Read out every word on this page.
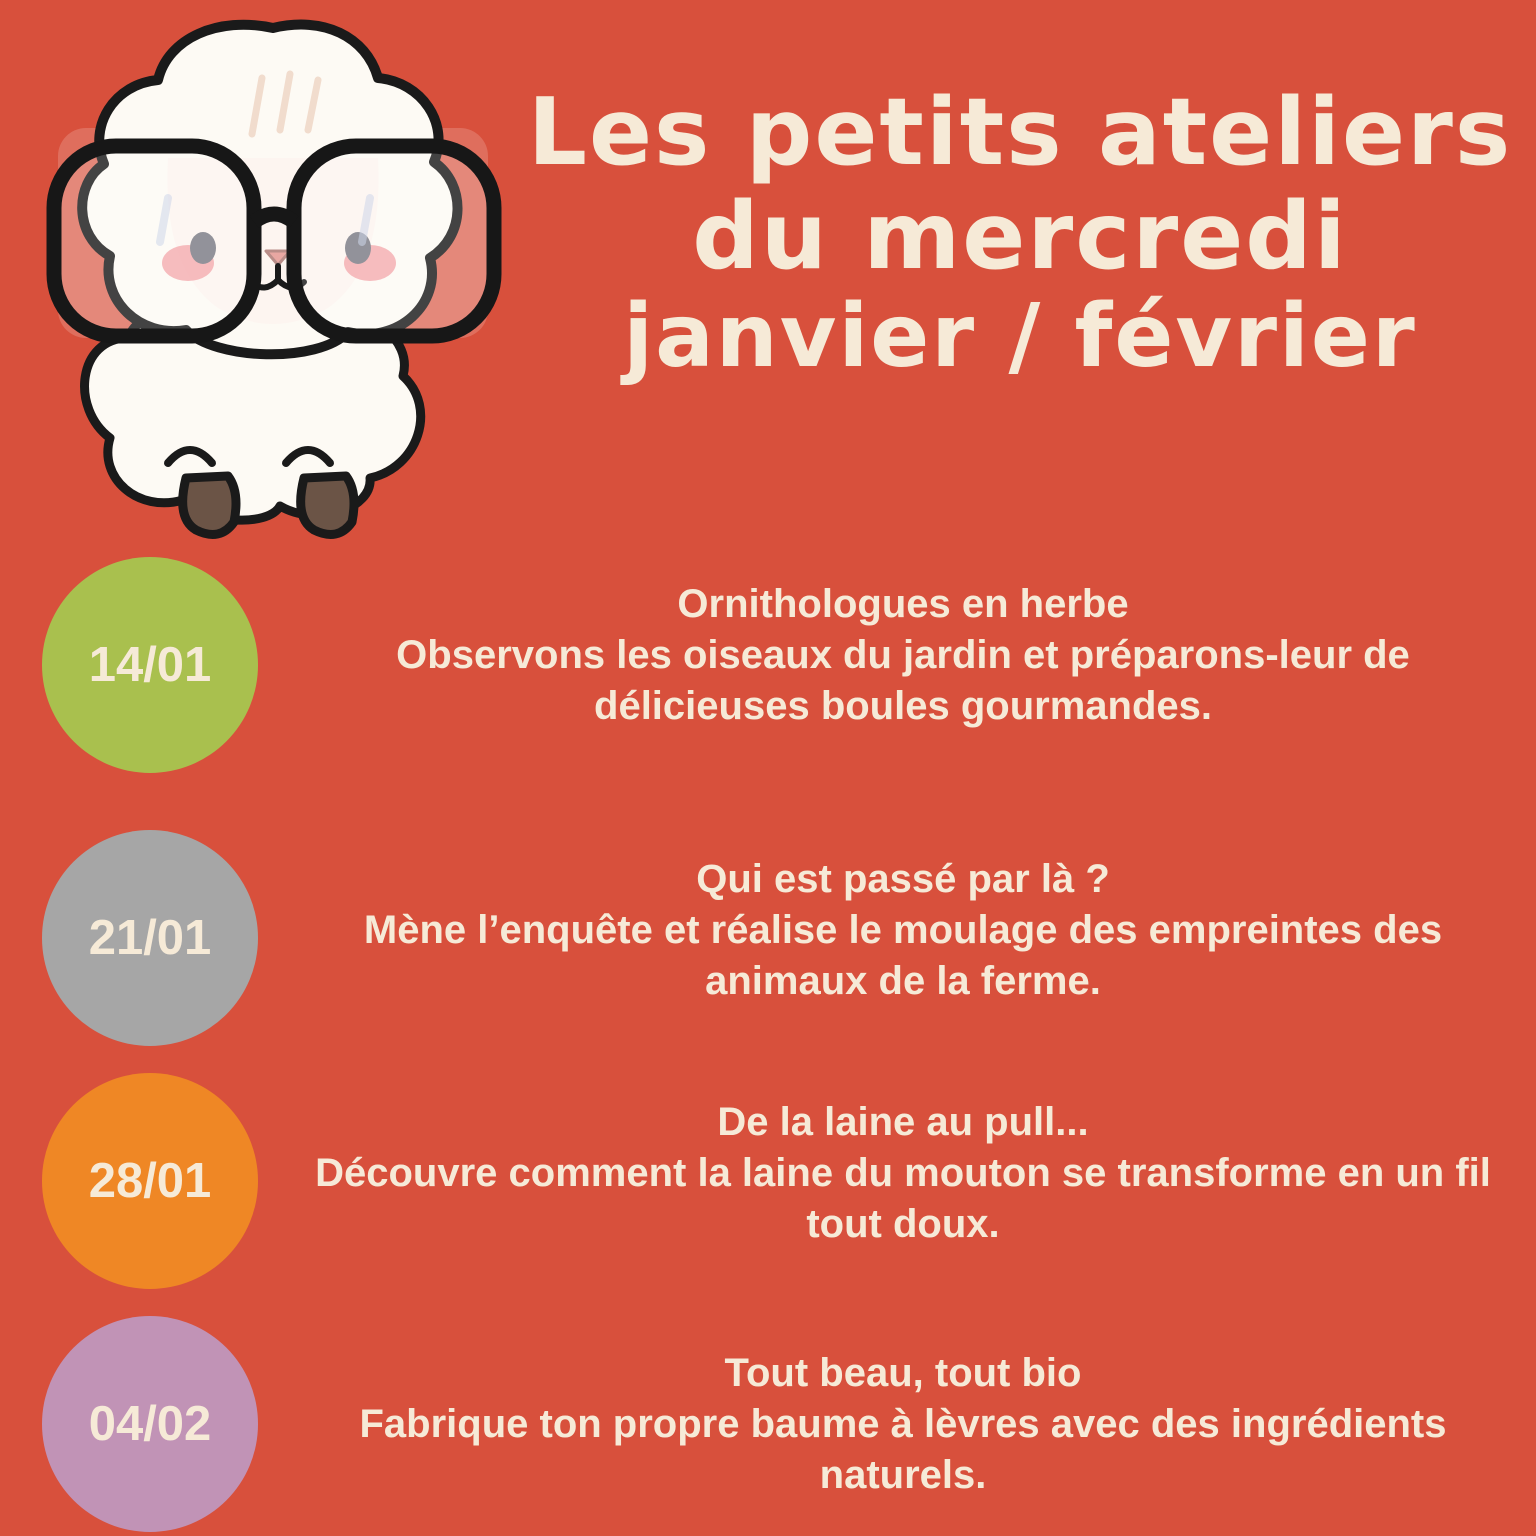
Les petits ateliers
du mercredi
janvier / février
14/01
Ornithologues en herbe
Observons les oiseaux du jardin et préparons-leur de délicieuses boules gourmandes.
21/01
Qui est passé par là ?
Mène l’enquête et réalise le moulage des empreintes des animaux de la ferme.
28/01
De la laine au pull...
Découvre comment la laine du mouton se transforme en un fil tout doux.
04/02
Tout beau, tout bio
Fabrique ton propre baume à lèvres avec des ingrédients naturels.
